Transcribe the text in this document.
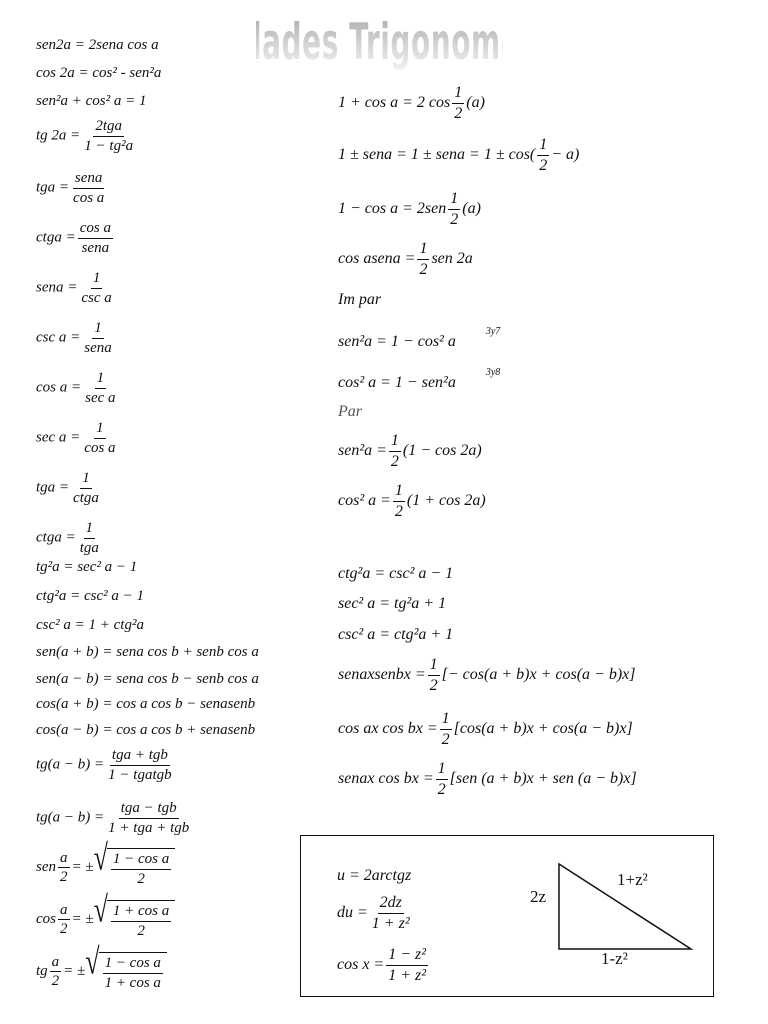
Identidades Trigonometricas
sen2a = 2sena cos a
cos 2a = cos² - sen²a
sen²a + cos² a = 1
tg $2a = \frac{\text{2tga}}{\text{1 − tg²a}}$
tga = $\frac{\text{sena}}{\text{cos a}}$
ctga = $\frac{\text{cos a}}{\text{sena}}$
sena = $\frac{1}{\text{csc a}}$
$\csc a = \frac{1}{\text{sena}}$
$\cos a = \frac{1}{\text{sec a}}$
$\sec a = \frac{1}{\text{cos a}}$
tga = $\frac{1}{\text{ctga}}$
ctga = $\frac{1}{\text{tga}}$
tg²a = sec² a − 1
ctg²a = csc² a − 1
csc² a = 1 + ctg²a
sen(a + b) = sena cos b + senb cos a
sen(a − b) = sena cos b − senb cos a
cos(a + b) = cos a cos b − senasenb
cos(a − b) = cos a cos b + senasenb
$tg(a - b) = \frac{\text{tga + tgb}}{\text{1 − tgatgb}}$
$tg(a - b) = \frac{\text{tga − tgb}}{\text{1 + tga + tgb}}$
sen $\frac{a}{2}$ = ± √ $\frac{\text{1 − cos a}}{2}$
$\cos \frac{a}{2}$ = ± √ $\frac{\text{1 + cos a}}{2}$
tg $\frac{a}{2}$ = ± √ $\frac{\text{1 − cos a}}{\text{1 + cos a}}$
1 + cos a = 2 $\cos \frac{1}{2} (a)$
1 ± sena = 1 ± sena = $1 \pm \cos( \frac{1}{2} - a)$
$1 - \cos a = 2sen \frac{1}{2} (a)$
cos asena = $\frac{1}{2}$ sen 2a
Im par
sen²a = 1 − cos² $a^{3y7}$
cos² $a = 1 - sen^2a^{3y8}$
Par
$sen^2a = \frac{1}{2} (1 - \cos 2a)$
cos² $a = \frac{1}{2} (1 + \cos 2a)$
ctg²a = csc² a − 1
sec² a = tg²a + 1
csc² a = ctg²a + 1
senaxsenbx = $\frac{1}{2}$ [− cos(a + b)x + cos(a − b)x]
cos ax cos bx = $\frac{1}{2} [\cos(a + b)x + \cos(a - b)x]$
senax cos bx = $\frac{1}{2} [sen$ (a + b)x + sen (a − b)x]
u = 2arctgz
du = $\frac{2dz}{\text{1 + z²}}$
$\cos x = \frac{\text{1 − z²}}{\text{1 + z²}}$
1+z²
2z
1-z²
